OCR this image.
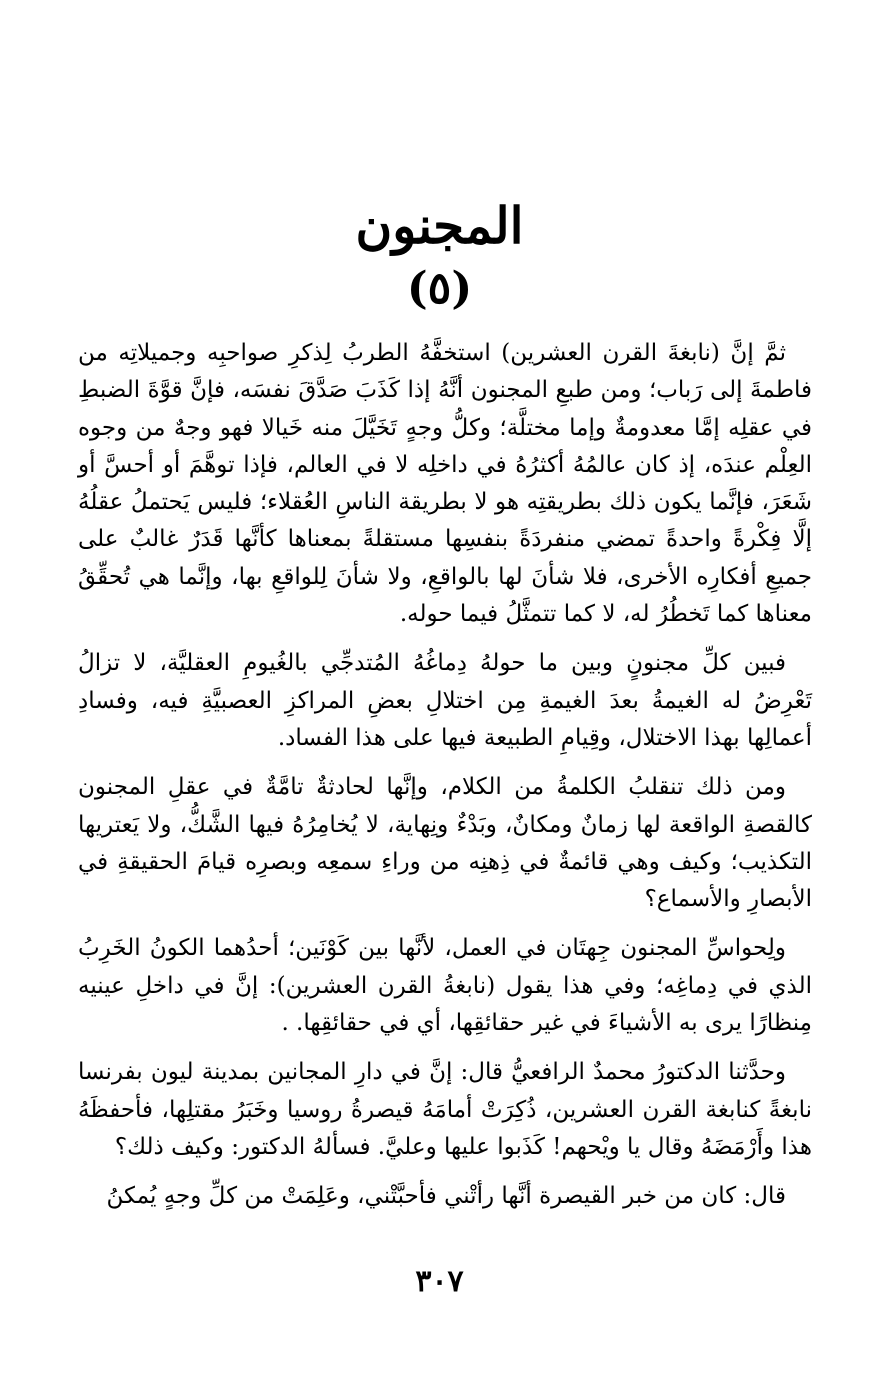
المجنون
(٥)

ثمَّ إنَّ (نابغةَ القرن العشرين) استخفَّهُ الطربُ لِذكرِ صواحبِه وجميلاتِه من فاطمةَ إلى رَباب؛ ومن طبعِ المجنون أنَّهُ إذا كَذَبَ صَدَّقَ نفسَه، فإنَّ قوَّةَ الضبطِ في عقلِه إمَّا معدومةٌ وإما مختلَّة؛ وكلُّ وجهٍ تَخَيَّلَ منه خَيالا فهو وجهٌ من وجوه العِلْم عندَه، إذ كان عالمُهُ أكثرُهُ في داخلِه لا في العالم، فإذا توهَّمَ أو أحسَّ أو شَعَرَ، فإنَّما يكون ذلك بطريقتِه هو لا بطريقة الناسِ العُقلاء؛ فليس يَحتملُ عقلُهُ إلَّا فِكْرةً واحدةً تمضي منفردَةً بنفسِها مستقلةً بمعناها كأنَّها قَدَرٌ غالبٌ على جميعِ أفكارِه الأخرى، فلا شأنَ لها بالواقعِ، ولا شأنَ لِلواقعِ بها، وإنَّما هي تُحقِّقُ معناها كما تَخطُرُ له، لا كما تتمثَّلُ فيما حوله.

فبين كلِّ مجنونٍ وبين ما حولهُ دِماغُهُ المُتدجِّي بالغُيومِ العقليَّة، لا تزالُ تَعْرِضُ له الغيمةُ بعدَ الغيمةِ مِن اختلالِ بعضِ المراكزِ العصبيَّةِ فيه، وفسادِ أعمالِها بهذا الاختلال، وقِيامِ الطبيعة فيها على هذا الفساد.

ومن ذلك تنقلبُ الكلمةُ من الكلام، وإنَّها لحادثةٌ تامَّةٌ في عقلِ المجنون كالقصةِ الواقعة لها زمانٌ ومكانٌ، وبَدْءٌ ونِهاية، لا يُخامِرُهُ فيها الشَّكُّ، ولا يَعتريها التكذيب؛ وكيف وهي قائمةٌ في ذِهنِه من وراءِ سمعِه وبصرِه قيامَ الحقيقةِ في الأبصارِ والأسماع؟

ولِحواسِّ المجنون جِهتَان في العمل، لأنَّها بين كَوْنَين؛ أحدُهما الكونُ الخَرِبُ الذي في دِماغِه؛ وفي هذا يقول (نابغةُ القرن العشرين): إنَّ في داخلِ عينيه مِنظارًا يرى به الأشياءَ في غير حقائقِها، أي في حقائقِها. .

وحدَّثنا الدكتورُ محمدٌ الرافعيُّ قال: إنَّ في دارِ المجانين بمدينة ليون بفرنسا نابغةً كنابغة القرن العشرين، ذُكِرَتْ أمامَهُ قيصرةُ روسيا وخَبَرُ مقتلِها، فأحفظَهُ هذا وأَرْمَضَهُ وقال يا ويْحهم! كَذَبوا عليها وعليَّ. فسألهُ الدكتور: وكيف ذلك؟

قال: كان من خبر القيصرة أنَّها رأتْني فأحبَّتْني، وعَلِمَتْ من كلِّ وجهٍ يُمكنُ

٣٠٧
